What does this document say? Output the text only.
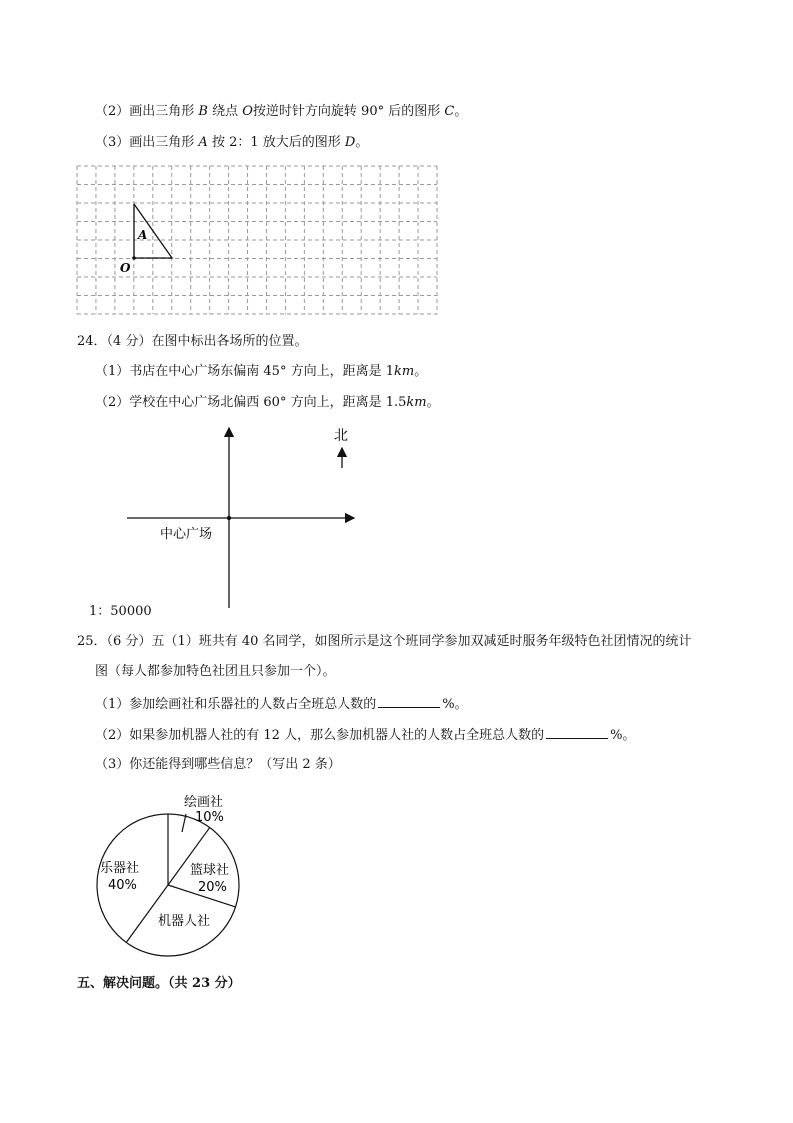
（2）画出三角形 B 绕点 O按逆时针方向旋转 90° 后的图形 C。
（3）画出三角形 A 按 2：1 放大后的图形 D。
A
O
24．（4 分）在图中标出各场所的位置。
（1）书店在中心广场东偏南 45° 方向上，距离是 1km。
（2）学校在中心广场北偏西 60° 方向上，距离是 1.5km。
北
中心广场
1：50000
25．（6 分）五（1）班共有 40 名同学，如图所示是这个班同学参加双减延时服务年级特色社团情况的统计
图（每人都参加特色社团且只参加一个）。
（1）参加绘画社和乐器社的人数占全班总人数的	%。
（2）如果参加机器人社的有 12 人，那么参加机器人社的人数占全班总人数的	%。
（3）你还能得到哪些信息？（写出 2 条）
绘画社
10%
篮球社
20%
机器人社
乐器社
40%
五、解决问题。（共 23 分）
